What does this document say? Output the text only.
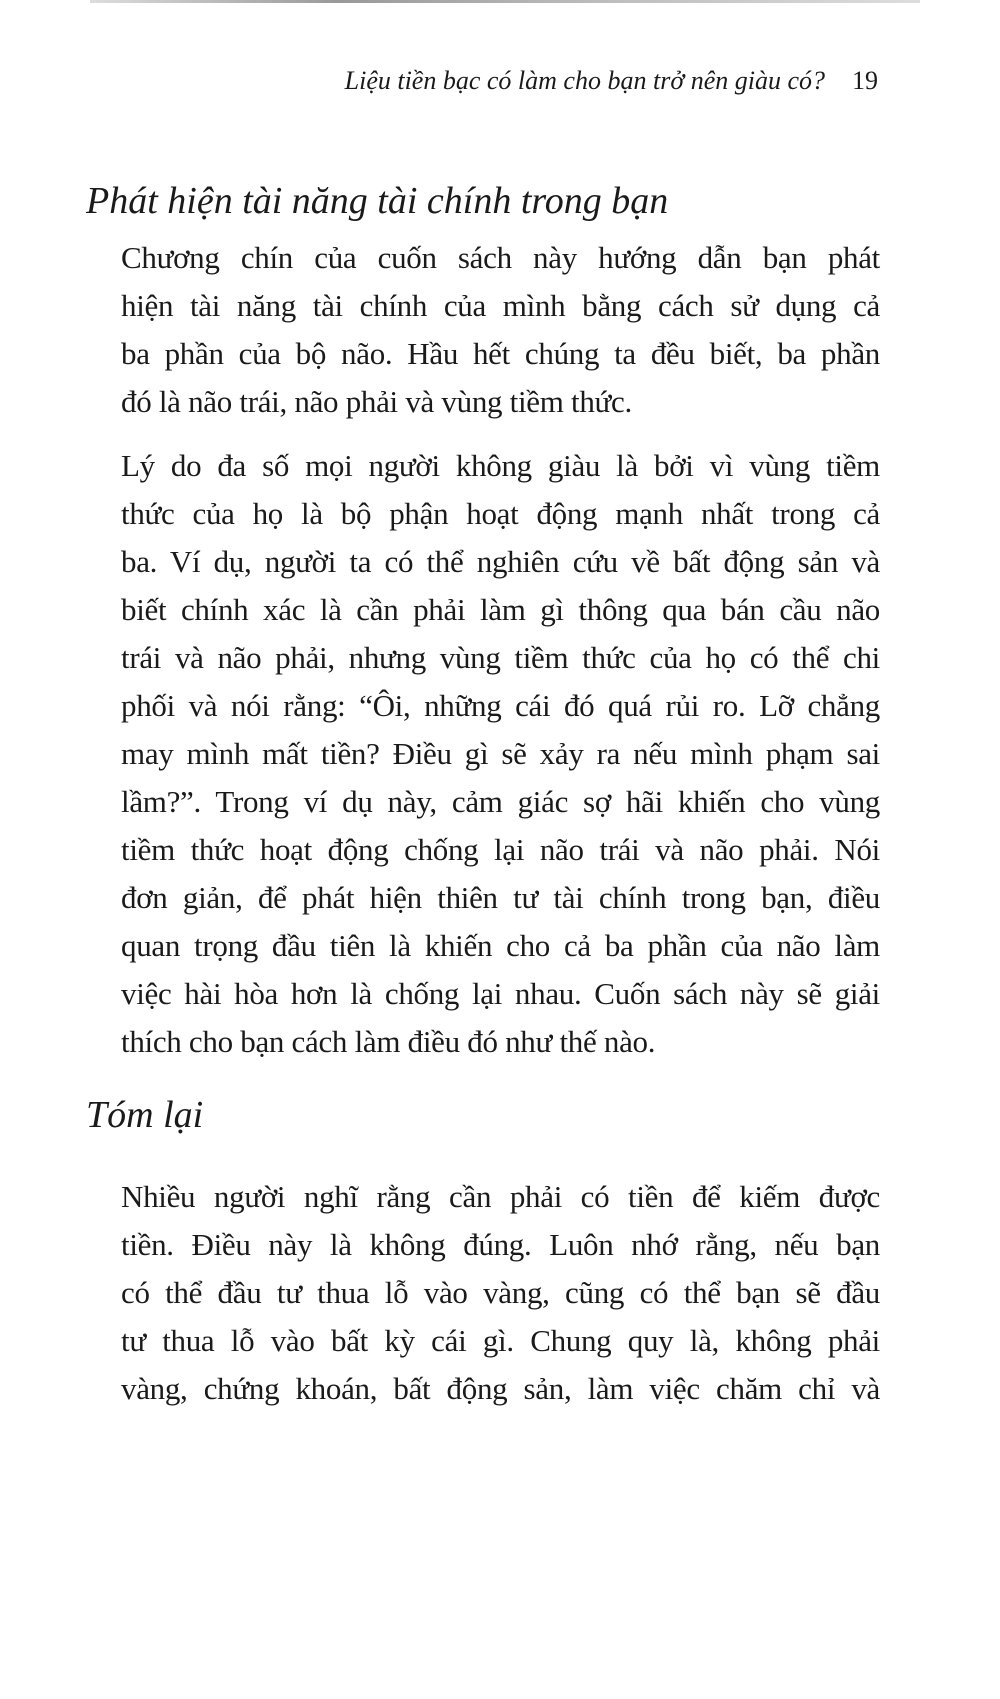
Liệu tiền bạc có làm cho bạn trở nên giàu có?	19
Phát hiện tài năng tài chính trong bạn
Chương chín của cuốn sách này hướng dẫn bạn phát
hiện tài năng tài chính của mình bằng cách sử dụng cả
ba phần của bộ não. Hầu hết chúng ta đều biết, ba phần
đó là não trái, não phải và vùng tiềm thức.
Lý do đa số mọi người không giàu là bởi vì vùng tiềm
thức của họ là bộ phận hoạt động mạnh nhất trong cả
ba. Ví dụ, người ta có thể nghiên cứu về bất động sản và
biết chính xác là cần phải làm gì thông qua bán cầu não
trái và não phải, nhưng vùng tiềm thức của họ có thể chi
phối và nói rằng: “Ôi, những cái đó quá rủi ro. Lỡ chẳng
may mình mất tiền? Điều gì sẽ xảy ra nếu mình phạm sai
lầm?”. Trong ví dụ này, cảm giác sợ hãi khiến cho vùng
tiềm thức hoạt động chống lại não trái và não phải. Nói
đơn giản, để phát hiện thiên tư tài chính trong bạn, điều
quan trọng đầu tiên là khiến cho cả ba phần của não làm
việc hài hòa hơn là chống lại nhau. Cuốn sách này sẽ giải
thích cho bạn cách làm điều đó như thế nào.
Tóm lại
Nhiều người nghĩ rằng cần phải có tiền để kiếm được
tiền. Điều này là không đúng. Luôn nhớ rằng, nếu bạn
có thể đầu tư thua lỗ vào vàng, cũng có thể bạn sẽ đầu
tư thua lỗ vào bất kỳ cái gì. Chung quy là, không phải
vàng, chứng khoán, bất động sản, làm việc chăm chỉ và
